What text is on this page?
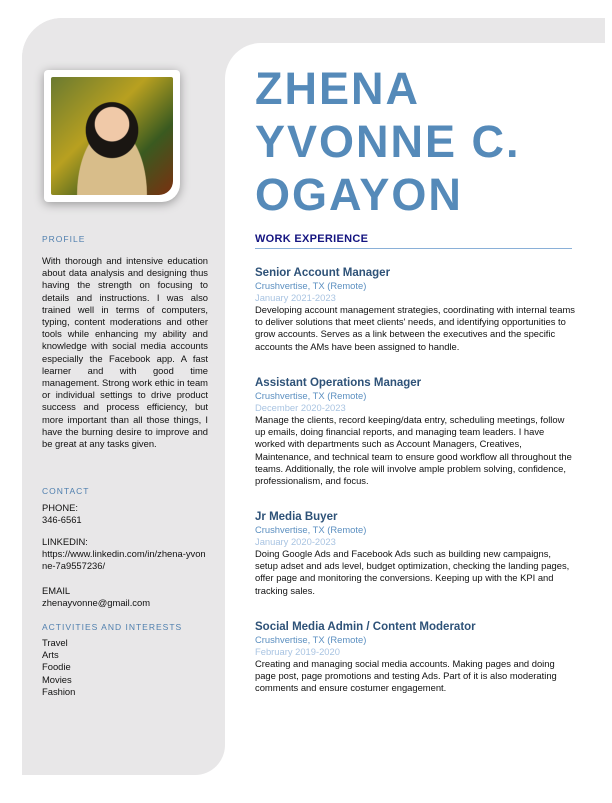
PROFILE
With thorough and intensive education about data analysis and designing thus having the strength on focusing to details and instructions. I was also trained well in terms of computers, typing, content moderations and other tools while enhancing my ability and knowledge with social media accounts especially the Facebook app. A fast learner and with good time management. Strong work ethic in team or individual settings to drive product success and process efficiency, but more important than all those things, I have the burning desire to improve and be great at any tasks given.
CONTACT
PHONE:
346-6561
LINKEDIN:
https://www.linkedin.com/in/zhena-yvonne-7a9557236/
EMAIL
zhenayvonne@gmail.com
ACTIVITIES AND INTERESTS
Travel
Arts
Foodie
Movies
Fashion
ZHENA
YVONNE C.
OGAYON
WORK EXPERIENCE
Senior Account Manager
Crushvertise, TX (Remote)
January 2021-2023
Developing account management strategies, coordinating with internal teams to deliver solutions that meet clients' needs, and identifying opportunities to grow accounts. Serves as a link between the executives and the specific accounts the AMs have been assigned to handle.
Assistant Operations Manager
Crushvertise, TX (Remote)
December 2020-2023
Manage the clients, record keeping/data entry, scheduling meetings, follow up emails, doing financial reports, and managing team leaders. I have worked with departments such as Account Managers, Creatives, Maintenance, and technical team to ensure good workflow all throughout the teams. Additionally, the role will involve ample problem solving, confidence, professionalism, and focus.
Jr Media Buyer
Crushvertise, TX (Remote)
January 2020-2023
Doing Google Ads and Facebook Ads such as building new campaigns, setup adset and ads level, budget optimization, checking the landing pages, offer page and monitoring the conversions. Keeping up with the KPI and tracking sales.
Social Media Admin / Content Moderator
Crushvertise, TX (Remote)
February 2019-2020
Creating and managing social media accounts. Making pages and doing page post, page promotions and testing Ads. Part of it is also moderating comments and ensure costumer engagement.
